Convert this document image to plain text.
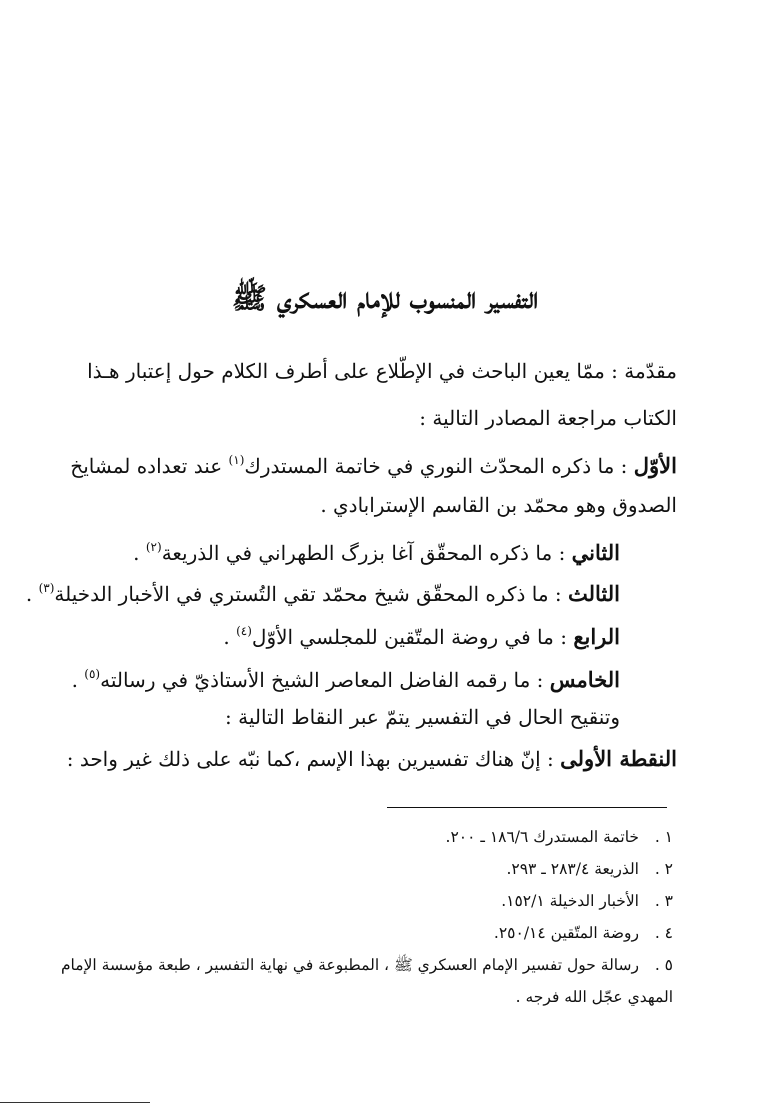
التفسير المنسوب للإمام العسكري ﷺ
مقدّمة : ممّا يعين الباحث في الإطّلاع على أطرف الكلام حول إعتبار هـذا
الكتاب مراجعة المصادر التالية :
الأوّل : ما ذكره المحدّث النوري في خاتمة المستدرك$^{(١)}$ عند تعداده لمشايخ
الصدوق وهو محمّد بن القاسم الإسترابادي .
الثاني : ما ذكره المحقّق آغا بزرگ الطهراني في الذريعة$^{(٢)}$ .
الثالث : ما ذكره المحقّق شيخ محمّد تقي التُستري في الأخبار الدخيلة$^{(٣)}$ .
الرابع : ما في روضة المتّقين للمجلسي الأوّل$^{(٤)}$ .
الخامس : ما رقمه الفاضل المعاصر الشيخ الأستاذيّ في رسالته$^{(٥)}$ .
وتنقيح الحال في التفسير يتمّ عبر النقاط التالية :
النقطة الأولى : إنّ هناك تفسيرين بهذا الإسم ،كما نبّه على ذلك غير واحد :
١ .خاتمة المستدرك ١٨٦/٦ ـ ٢٠٠.
٢ .الذريعة ٢٨٣/٤ ـ ٢٩٣.
٣ .الأخبار الدخيلة ١٥٢/١.
٤ .روضة المتّقين ٢٥٠/١٤.
٥ .رسالة حول تفسير الإمام العسكري ﷺ ، المطبوعة في نهاية التفسير ، طبعة مؤسسة الإمام
المهدي عجّل الله فرجه .
